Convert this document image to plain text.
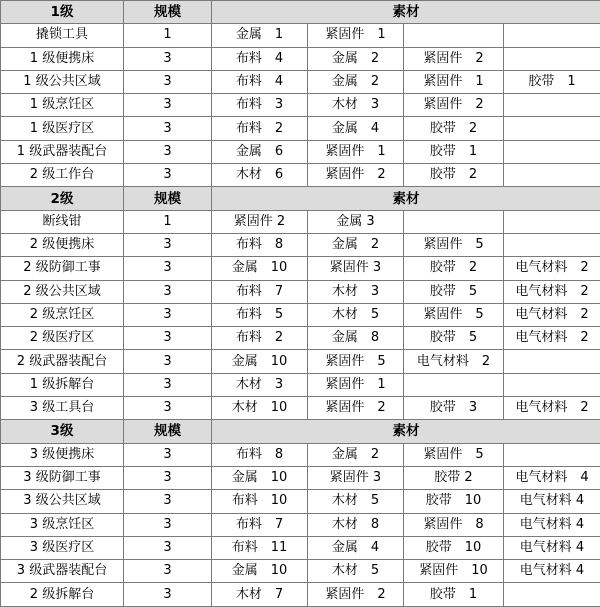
1级	规模	素材			
撬锁工具	1	金属　1	紧固件　1		
1 级便携床	3	布料　4	金属　2	紧固件　2	
1 级公共区域	3	布料　4	金属　2	紧固件　1	胶带　1
1 级烹饪区	3	布料　3	木材　3	紧固件　2	
1 级医疗区	3	布料　2	金属　4	胶带　2	
1 级武器装配台	3	金属　6	紧固件　1	胶带　1	
2 级工作台	3	木材　6	紧固件　2	胶带　2	
2级	规模	素材			
断线钳	1	紧固件 2	金属 3		
2 级便携床	3	布料　8	金属　2	紧固件　5	
2 级防御工事	3	金属　10	紧固件 3	胶带　2	电气材料　2
2 级公共区域	3	布料　7	木材　3	胶带　5	电气材料　2
2 级烹饪区	3	布料　5	木材　5	紧固件　5	电气材料　2
2 级医疗区	3	布料　2	金属　8	胶带　5	电气材料　2
2 级武器装配台	3	金属　10	紧固件　5	电气材料　2	
1 级拆解台	3	木材　3	紧固件　1		
3 级工具台	3	木材　10	紧固件　2	胶带　3	电气材料　2
3级	规模	素材			
3 级便携床	3	布料　8	金属　2	紧固件　5	
3 级防御工事	3	金属　10	紧固件 3	胶带 2	电气材料　4
3 级公共区域	3	布料　10	木材　5	胶带　10	电气材料 4
3 级烹饪区	3	布料　7	木材　8	紧固件　8	电气材料 4
3 级医疗区	3	布料　11	金属　4	胶带　10	电气材料 4
3 级武器装配台	3	金属　10	木材　5	紧固件　10	电气材料 4
2 级拆解台	3	木材　7	紧固件　2	胶带　1	
